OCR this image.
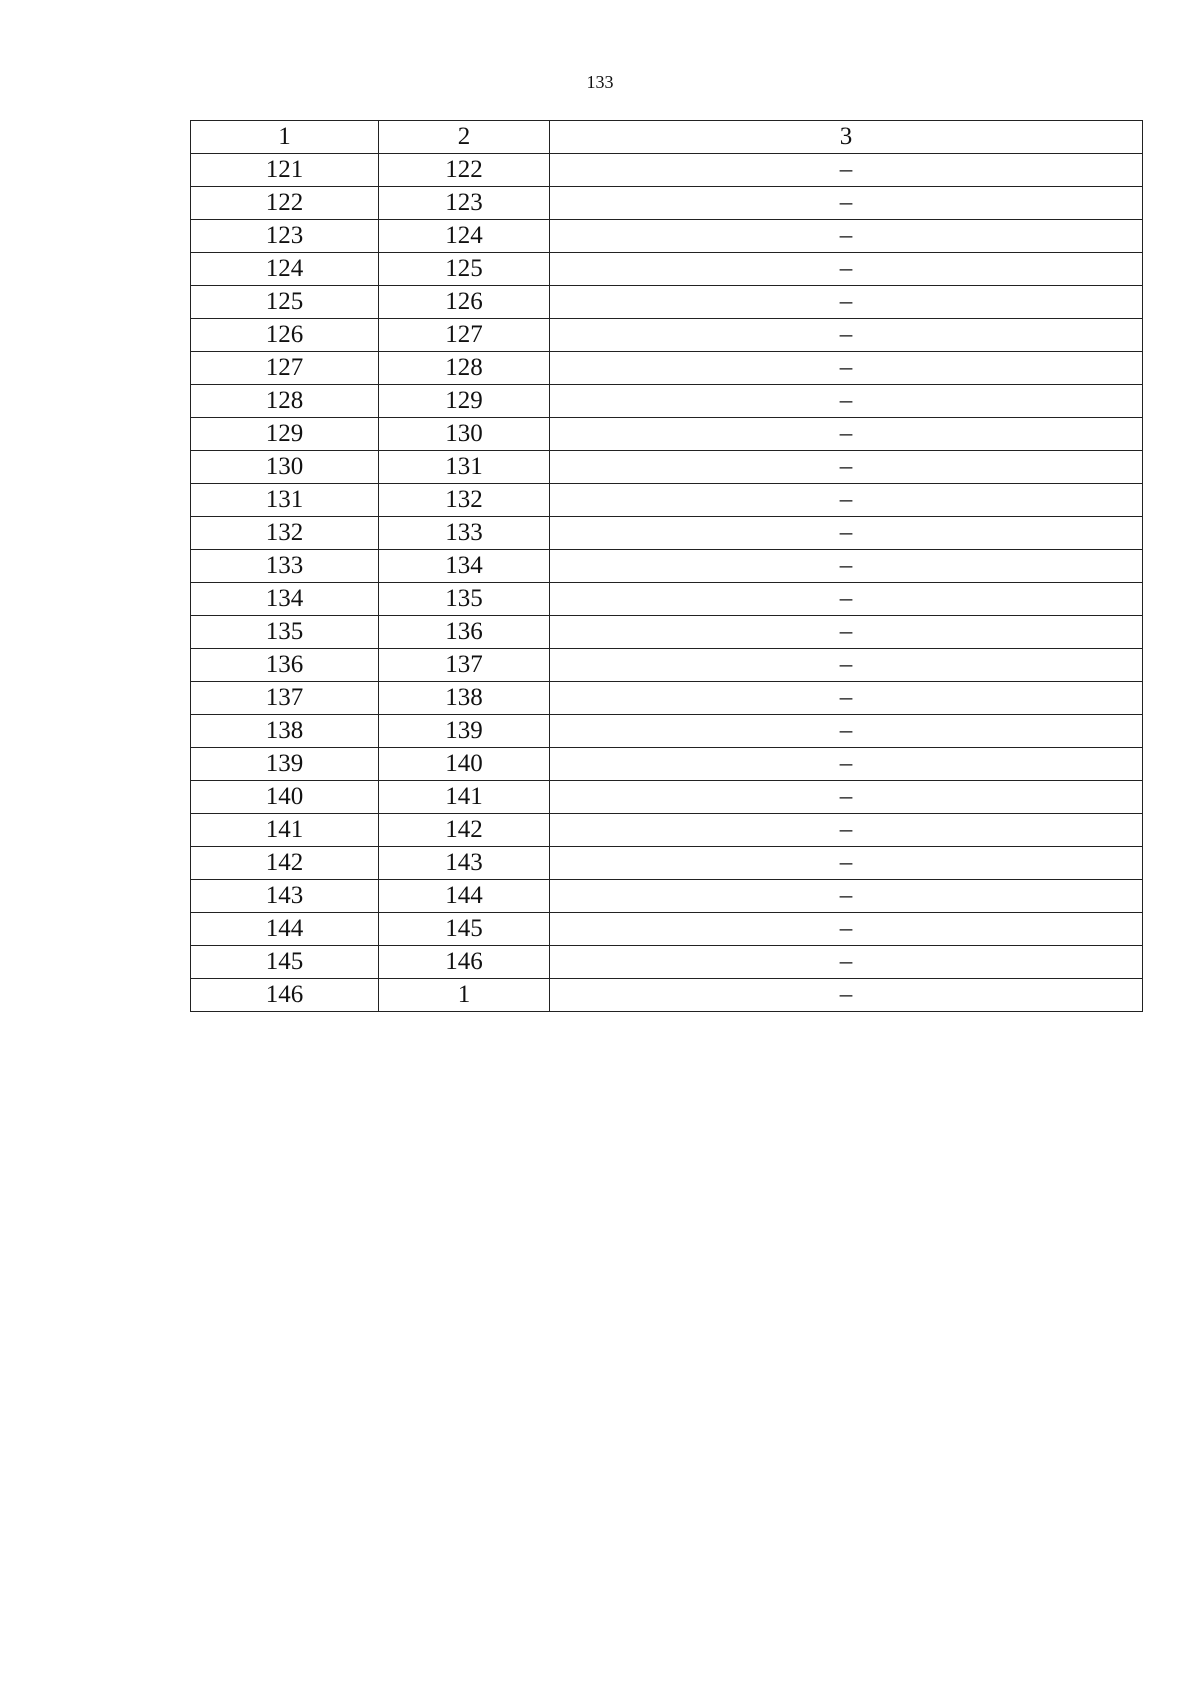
133
1	2	3
121	122	–
122	123	–
123	124	–
124	125	–
125	126	–
126	127	–
127	128	–
128	129	–
129	130	–
130	131	–
131	132	–
132	133	–
133	134	–
134	135	–
135	136	–
136	137	–
137	138	–
138	139	–
139	140	–
140	141	–
141	142	–
142	143	–
143	144	–
144	145	–
145	146	–
146	1	–
